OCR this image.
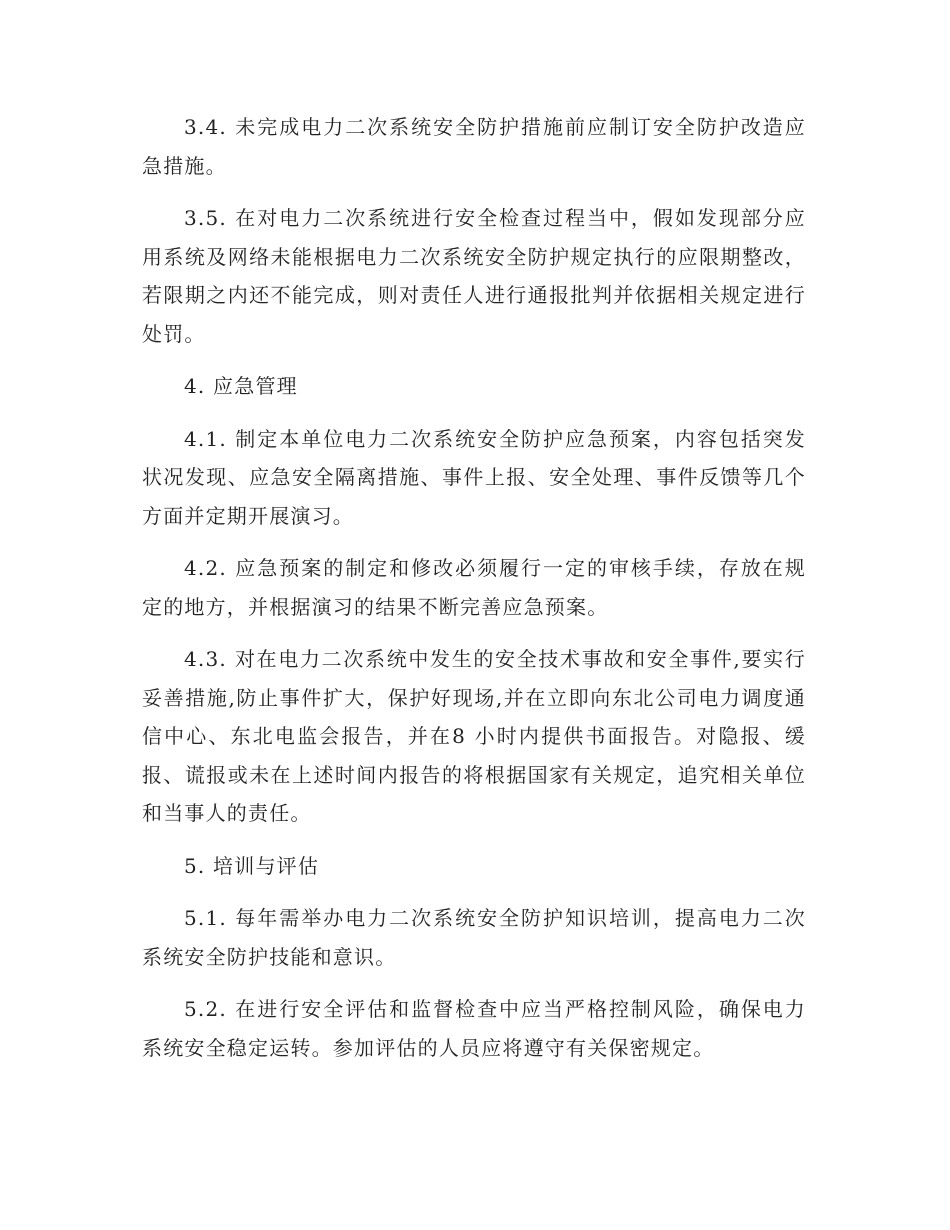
3.4. 未完成电力二次系统安全防护措施前应制订安全防护改造应急措施。

3.5. 在对电力二次系统进行安全检查过程当中，假如发现部分应用系统及网络未能根据电力二次系统安全防护规定执行的应限期整改，若限期之内还不能完成，则对责任人进行通报批判并依据相关规定进行处罚。

4. 应急管理

4.1. 制定本单位电力二次系统安全防护应急预案，内容包括突发状况发现、应急安全隔离措施、事件上报、安全处理、事件反馈等几个方面并定期开展演习。

4.2. 应急预案的制定和修改必须履行一定的审核手续，存放在规定的地方，并根据演习的结果不断完善应急预案。

4.3. 对在电力二次系统中发生的安全技术事故和安全事件,要实行妥善措施,防止事件扩大，保护好现场,并在立即向东北公司电力调度通信中心、东北电监会报告，并在8 小时内提供书面报告。对隐报、缓报、谎报或未在上述时间内报告的将根据国家有关规定，追究相关单位和当事人的责任。

5. 培训与评估

5.1. 每年需举办电力二次系统安全防护知识培训，提高电力二次系统安全防护技能和意识。

5.2. 在进行安全评估和监督检查中应当严格控制风险，确保电力系统安全稳定运转。参加评估的人员应将遵守有关保密规定。
